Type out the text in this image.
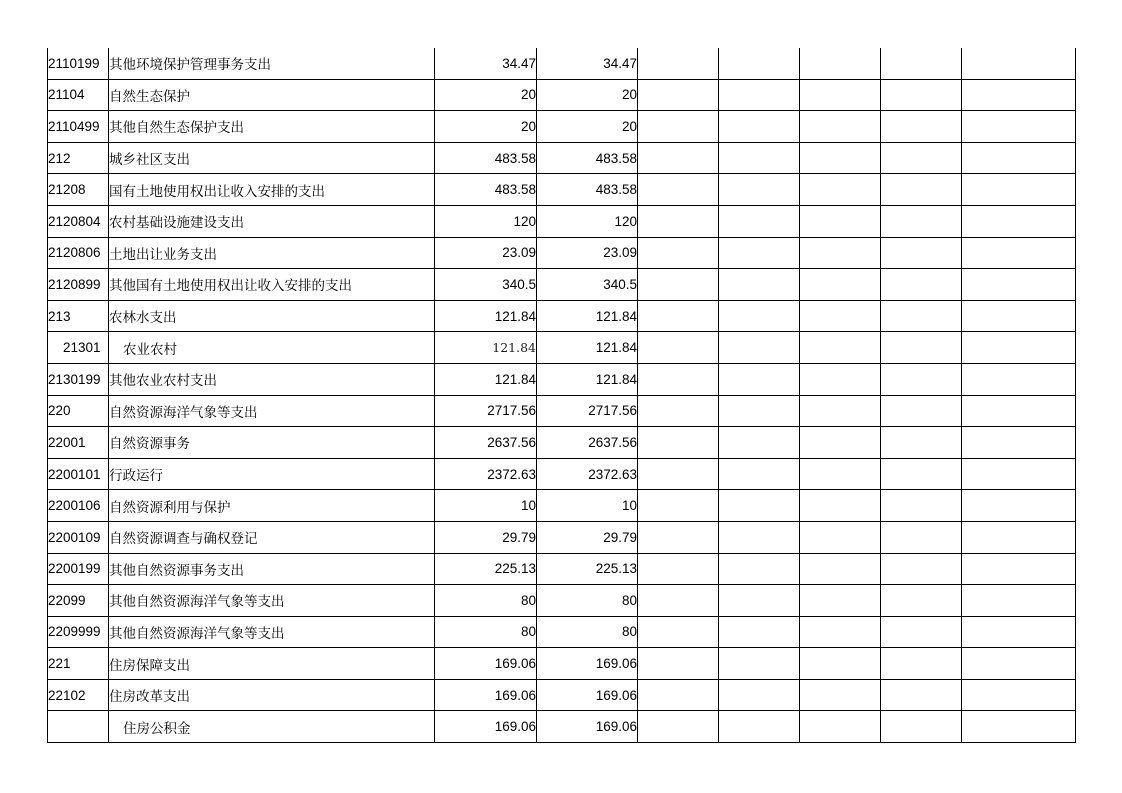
2110199	其他环境保护管理事务支出	34.47	34.47					
21104	自然生态保护	20	20					
2110499	其他自然生态保护支出	20	20					
212	城乡社区支出	483.58	483.58					
21208	国有土地使用权出让收入安排的支出	483.58	483.58					
2120804	农村基础设施建设支出	120	120					
2120806	土地出让业务支出	23.09	23.09					
2120899	其他国有土地使用权出让收入安排的支出	340.5	340.5					
213	农林水支出	121.84	121.84					
21301	农业农村	121.84	121.84					
2130199	其他农业农村支出	121.84	121.84					
220	自然资源海洋气象等支出	2717.56	2717.56					
22001	自然资源事务	2637.56	2637.56					
2200101	行政运行	2372.63	2372.63					
2200106	自然资源利用与保护	10	10					
2200109	自然资源调查与确权登记	29.79	29.79					
2200199	其他自然资源事务支出	225.13	225.13					
22099	其他自然资源海洋气象等支出	80	80					
2209999	其他自然资源海洋气象等支出	80	80					
221	住房保障支出	169.06	169.06					
22102	住房改革支出	169.06	169.06					
	住房公积金	169.06	169.06					
